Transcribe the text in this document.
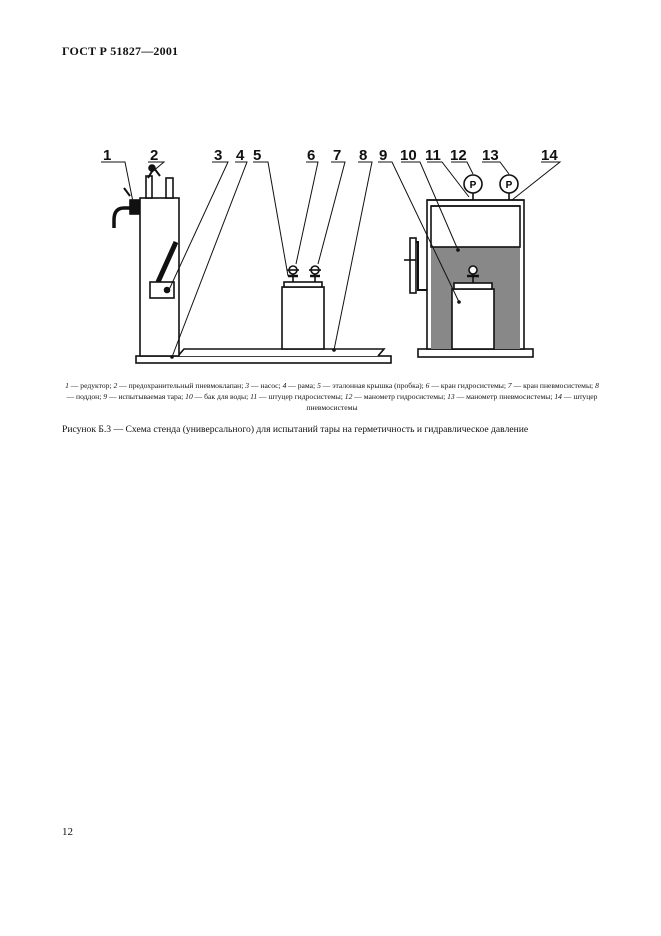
ГОСТ Р 51827—2001
P	P
1	2	3 4 5	6 7 8 9 10 11 12 13	14
1 — редуктор; 2 — предохранительный пневмоклапан; 3 — насос; 4 — рама; 5 — эталонная крышка (пробка); 6 — кран гидросистемы; 7 — кран пневмосистемы; 8 — поддон; 9 — испытываемая тара; 10 — бак для воды; 11 — штуцер гидросистемы; 12 — манометр гидросистемы; 13 — манометр пневмосистемы; 14 — штуцер пневмосистемы
Рисунок Б.3 — Схема стенда (универсального) для испытаний тары на герметичность и гидравлическое давление
12
